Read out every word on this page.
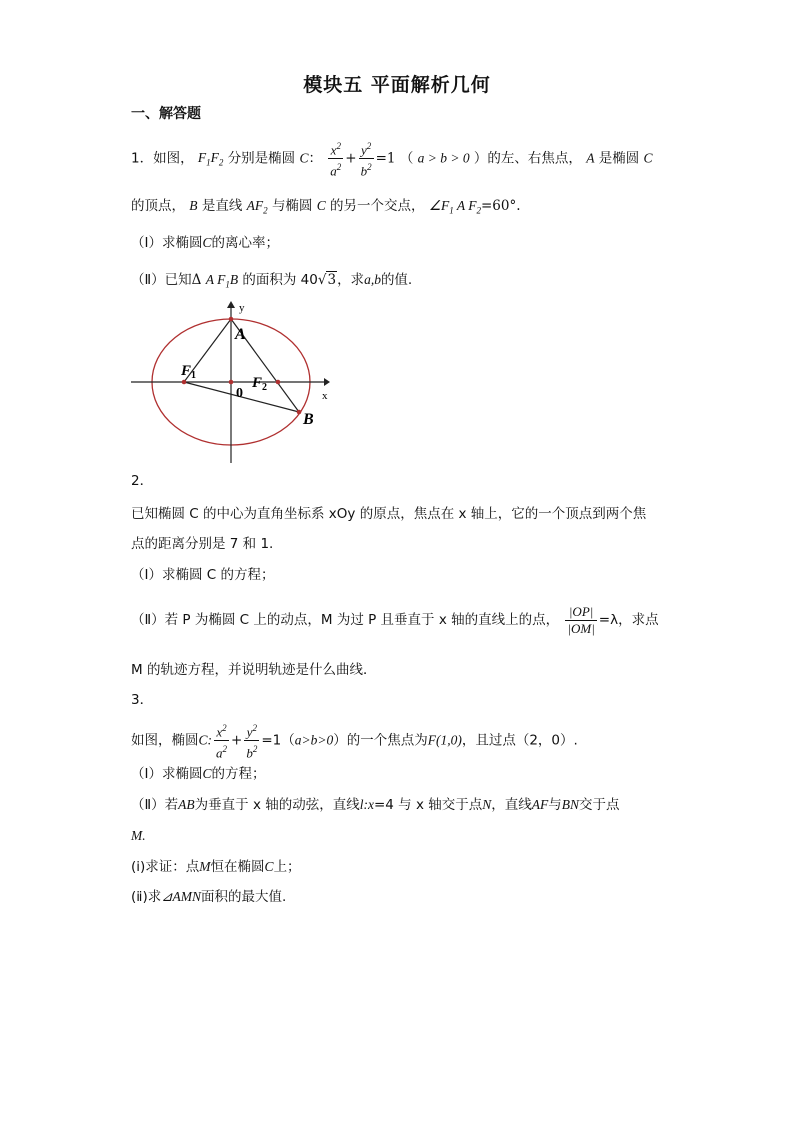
模块五 平面解析几何
一、解答题
1．如图， $F_1F_2$ 分别是椭圆 C： $\frac{x^2}{a^2} + \frac{y^2}{b^2} =1$ （ a > b > 0 ）的左、右焦点， A 是椭圆 C
的顶点， B 是直线 $AF_2$ 与椭圆 C 的另一个交点， $\angle F_1$ A $F_2=60^\circ$.
（Ⅰ）求椭圆C的离心率；
（Ⅱ）已知Δ A $F_1B$ 的面积为 40√3，求a,b的值.
y
x
A
F 1	F 2
0
B
2．
已知椭圆 C 的中心为直角坐标系 xOy 的原点，焦点在 x 轴上，它的一个顶点到两个焦
点的距离分别是 7 和 1.
（Ⅰ）求椭圆 C 的方程；
（Ⅱ）若 P 为椭圆 C 上的动点，M 为过 P 且垂直于 x 轴的直线上的点， $\frac{|OP|}{|OM|} =\lambda$，求点
M 的轨迹方程，并说明轨迹是什么曲线．
3．
如图，椭圆C: $\frac{x^2}{a^2} + \frac{y^2}{b^2} =1(a>b>0)$的一个焦点为F(1,0)，且过点（2，0）.
（Ⅰ）求椭圆C的方程；
（Ⅱ）若AB为垂直于 x 轴的动弦，直线l:x=4 与 x 轴交于点N，直线AF与BN交于点
M.
(ⅰ)求证：点M恒在椭圆C上；
(ⅱ)求⊿AMN面积的最大值.
